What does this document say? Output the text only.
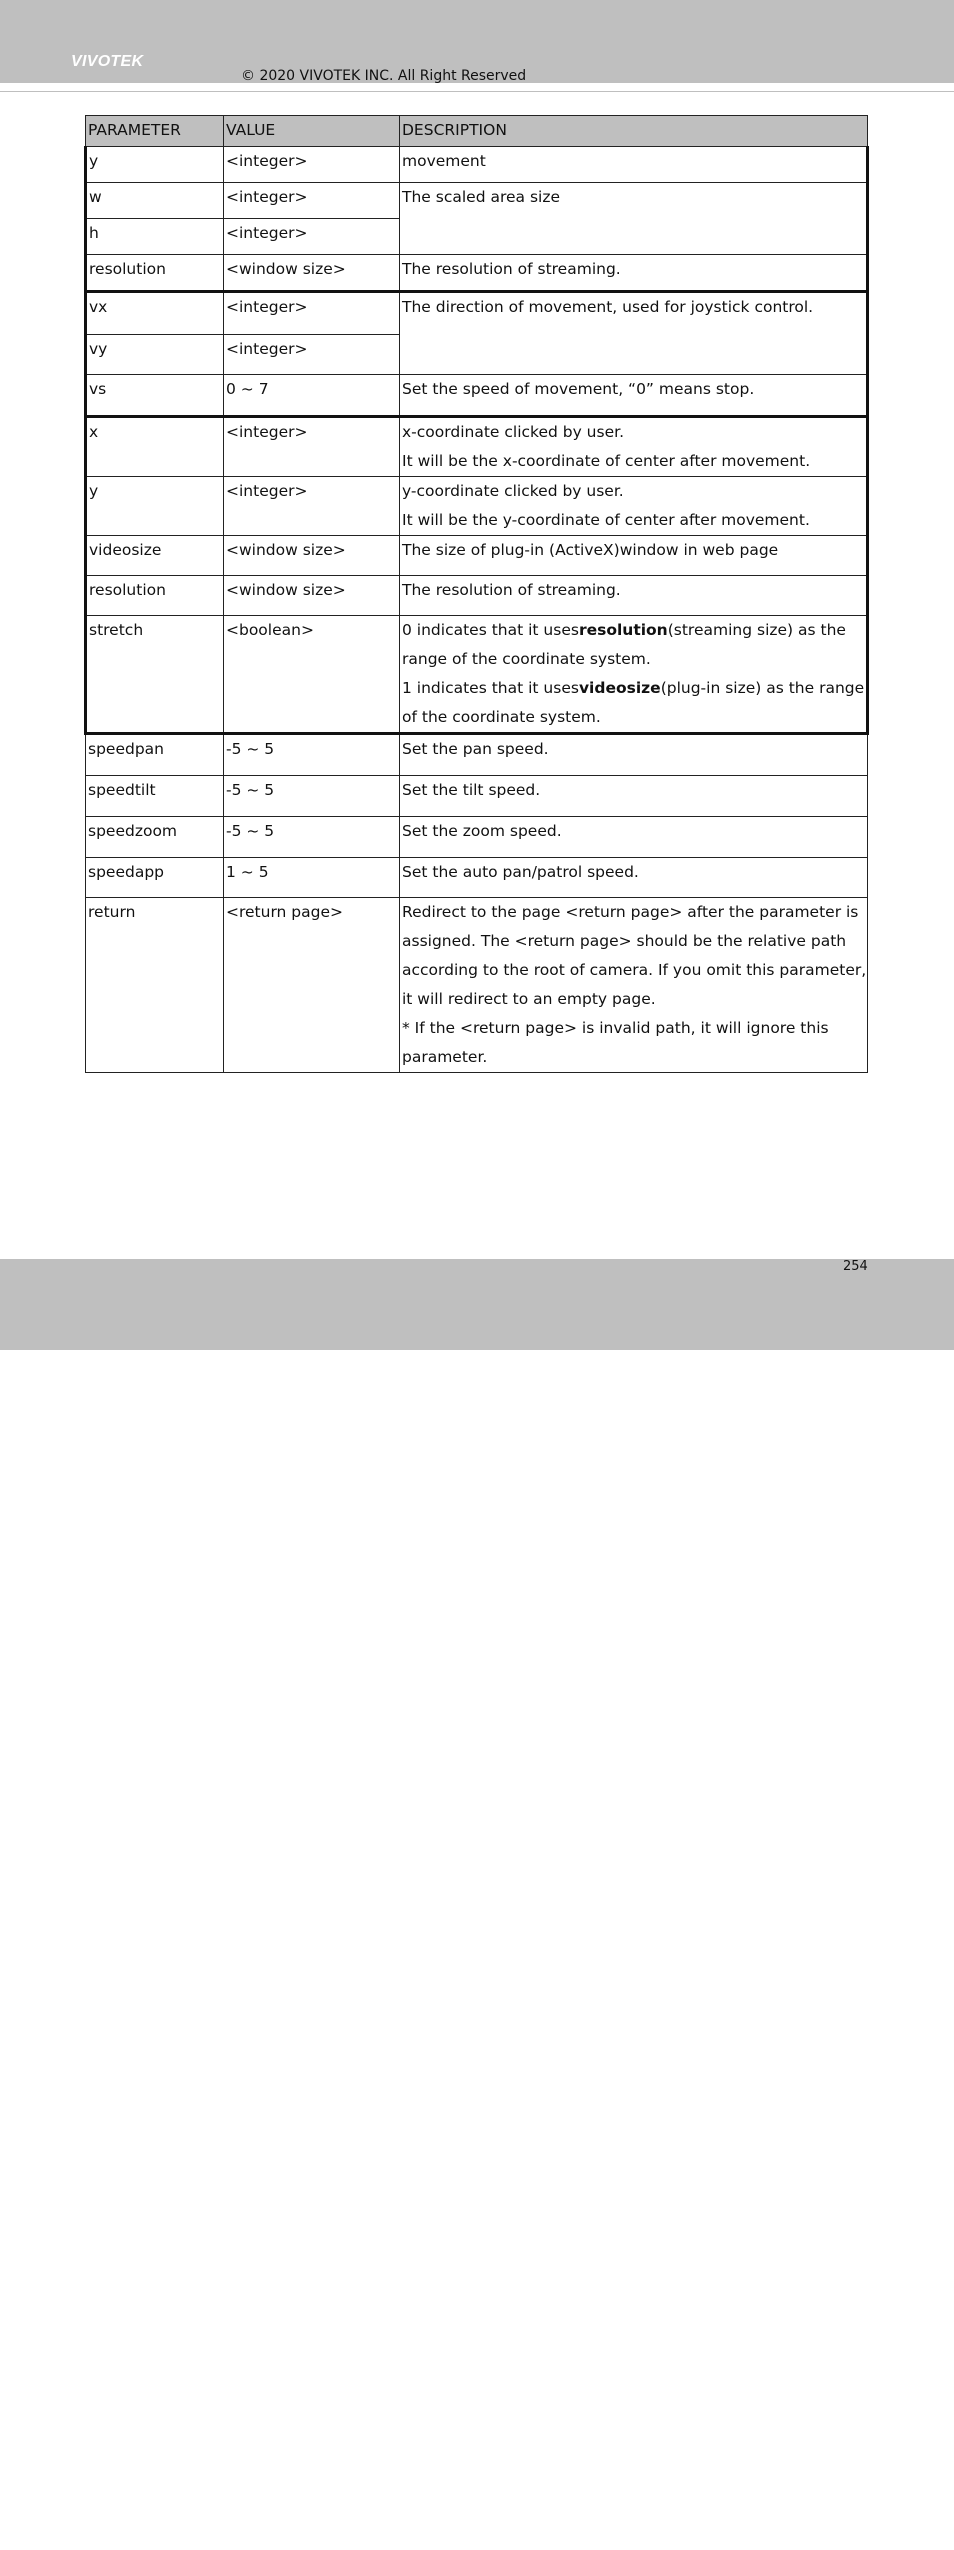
VIVOTEK
© 2020 VIVOTEK INC. All Right Reserved
PARAMETER	VALUE	DESCRIPTION
y	<integer>	movement
w	<integer>	The scaled area size
h	<integer>	
resolution	<window size>	The resolution of streaming.
vx	<integer>	The direction of movement, used for joystick control.
vy	<integer>	
vs	0 ~ 7	Set the speed of movement, “0” means stop.
x	<integer>	x-coordinate clicked by user.
It will be the x-coordinate of center after movement.

y	<integer>	y-coordinate clicked by user.
It will be the y-coordinate of center after movement.

videosize	<window size>	The size of plug-in (ActiveX)window in web page
resolution	<window size>	The resolution of streaming.
stretch	<boolean>	0 indicates that it usesresolution(streaming size) as the range of the coordinate system.
1 indicates that it usesvideosize(plug-in size) as the range of the coordinate system.

speedpan	-5 ~ 5	Set the pan speed.
speedtilt	-5 ~ 5	Set the tilt speed.
speedzoom	-5 ~ 5	Set the zoom speed.
speedapp	1 ~ 5	Set the auto pan/patrol speed.
return	<return page>	Redirect to the page <return page> after the parameter is assigned. The <return page> should be the relative path according to the root of camera. If you omit this parameter, it will redirect to an empty page.
* If the <return page> is invalid path, it will ignore this parameter.
408 - User's Manual
254
